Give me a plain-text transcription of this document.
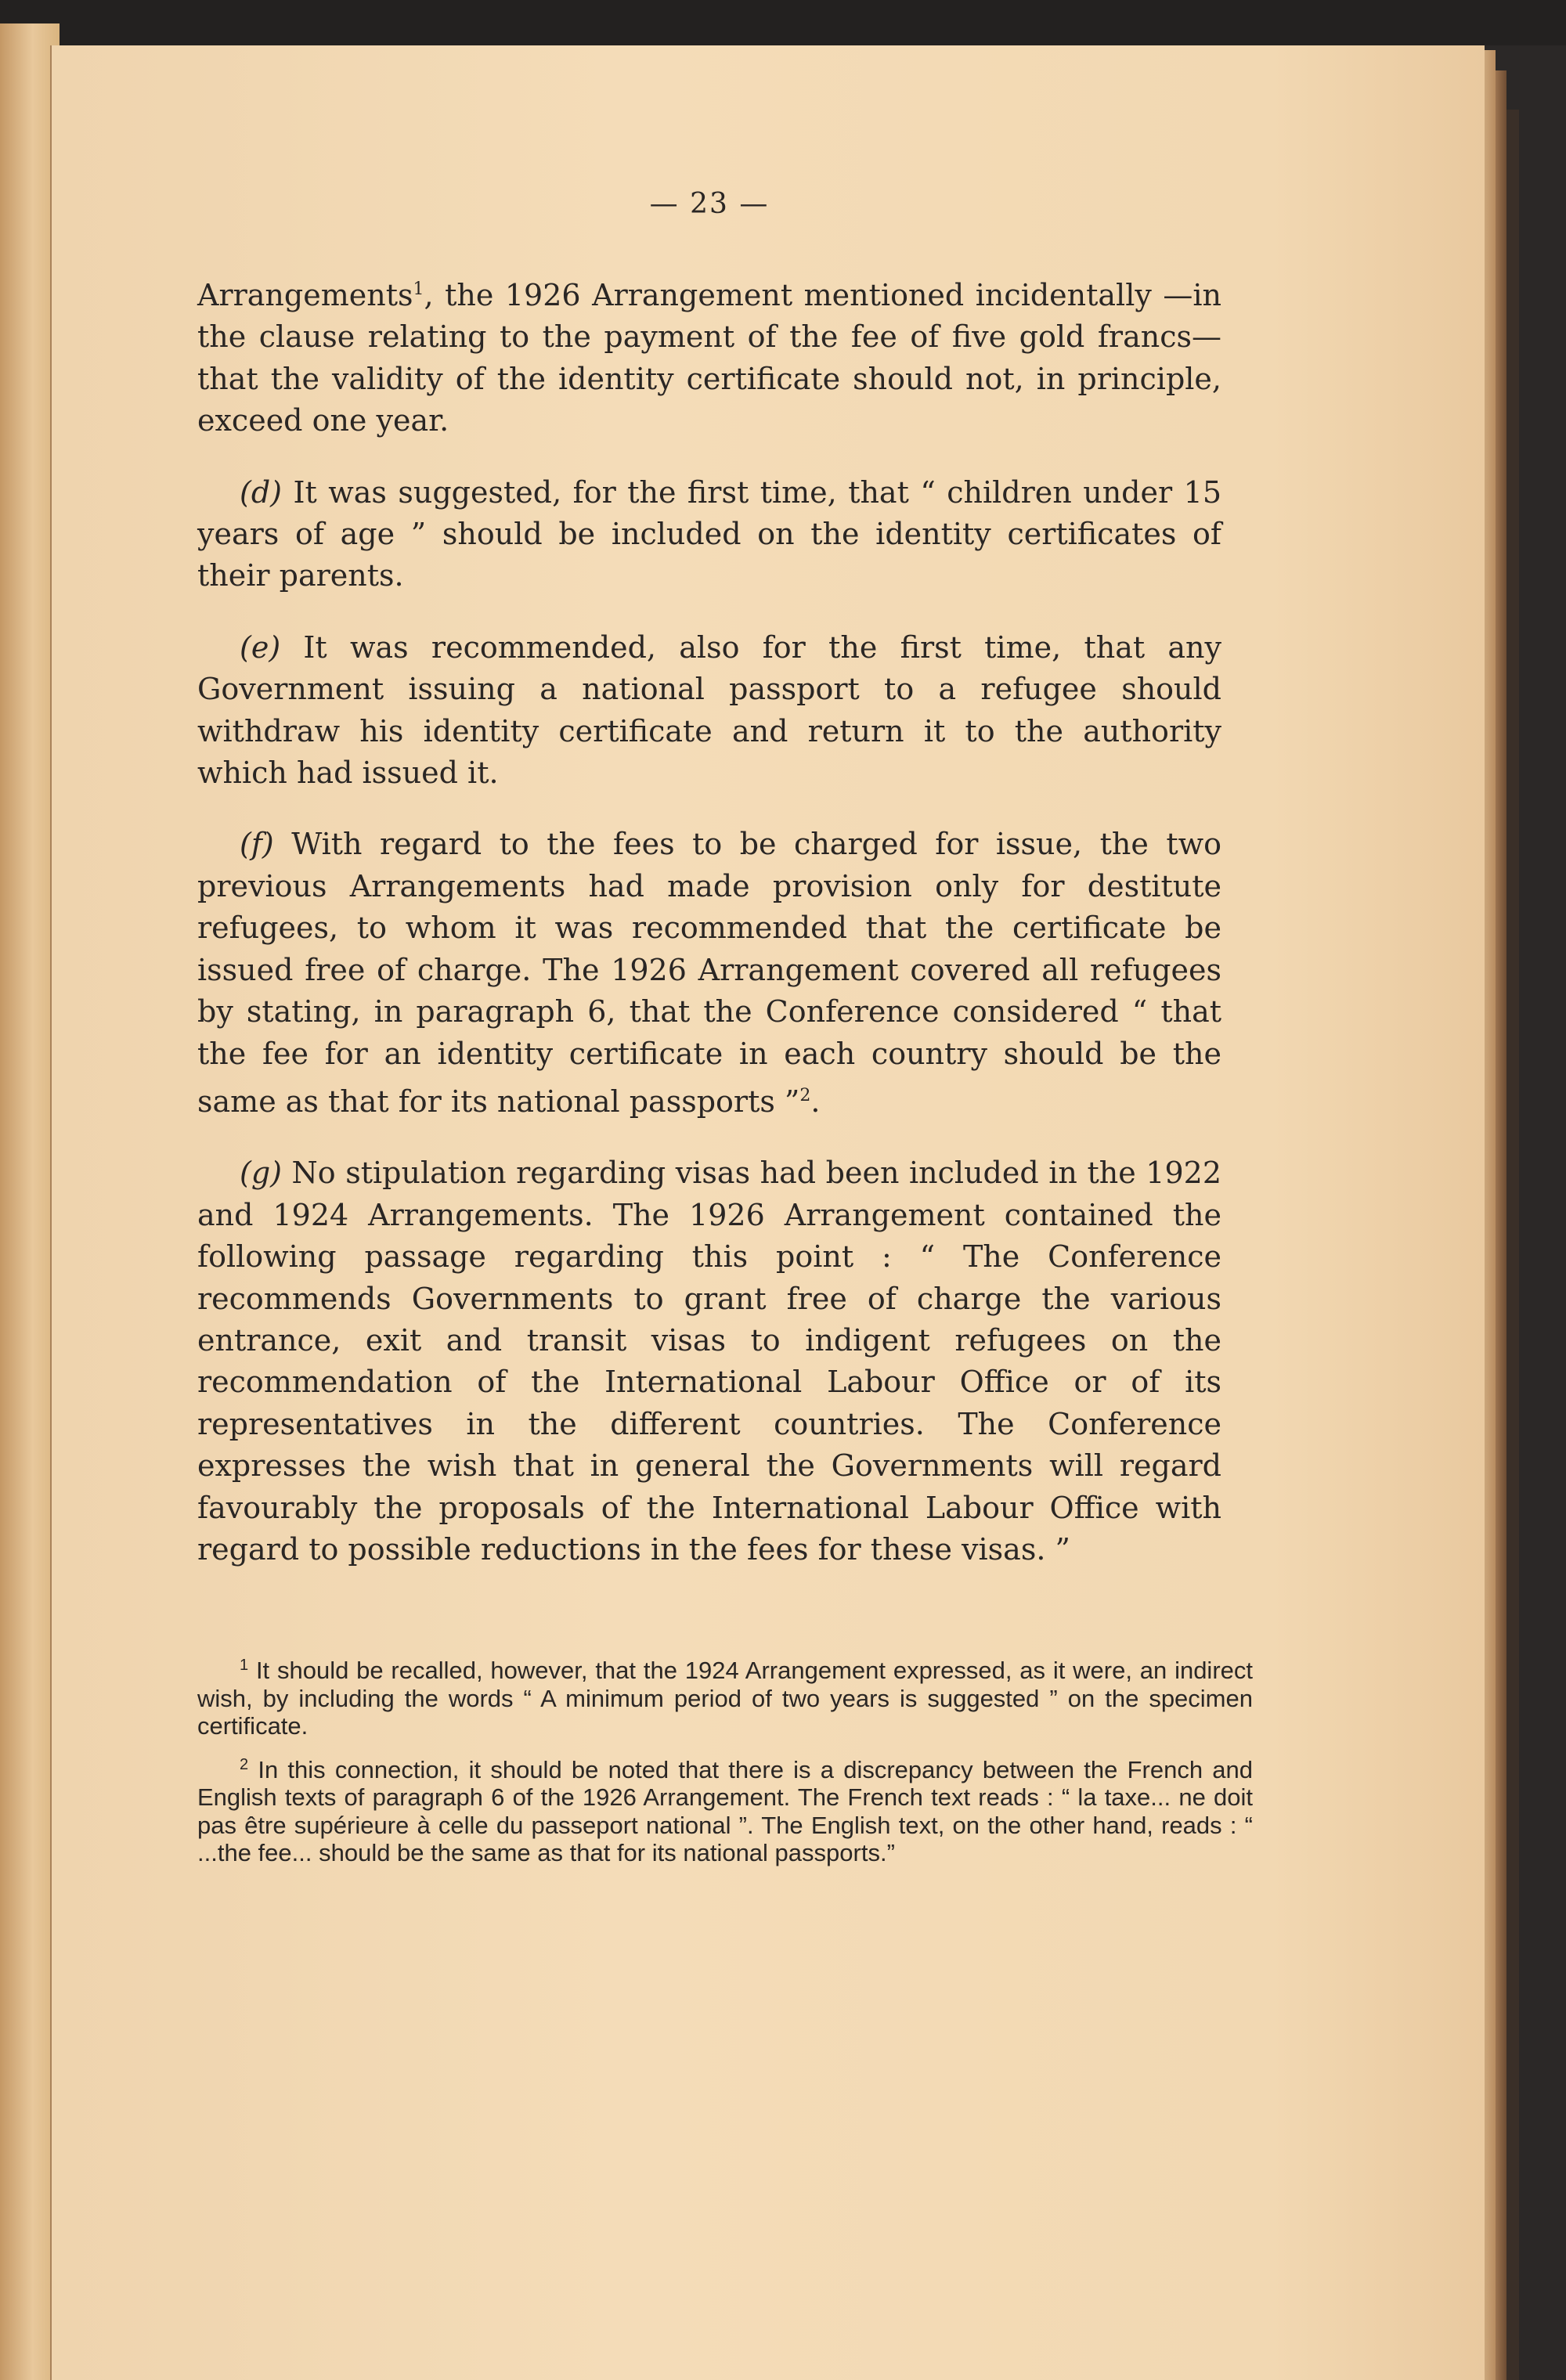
— 23 —

Arrangements$^1$, the 1926 Arrangement mentioned incidentally —in the clause relating to the payment of the fee of five gold francs—that the validity of the identity certificate should not, in principle, exceed one year.

(d) It was suggested, for the first time, that “ children under 15 years of age ” should be included on the identity certificates of their parents.

(e) It was recommended, also for the first time, that any Government issuing a national passport to a refugee should withdraw his identity certificate and return it to the authority which had issued it.

(f) With regard to the fees to be charged for issue, the two previous Arrangements had made provision only for destitute refugees, to whom it was recommended that the certificate be issued free of charge. The 1926 Arrangement covered all refugees by stating, in paragraph 6, that the Conference considered “ that the fee for an identity certificate in each country should be the same as that for its national passports ”$^2$.

(g) No stipulation regarding visas had been included in the 1922 and 1924 Arrangements. The 1926 Arrangement contained the following passage regarding this point : “ The Conference recommends Governments to grant free of charge the various entrance, exit and transit visas to indigent refugees on the recommendation of the International Labour Office or of its representatives in the different countries. The Conference expresses the wish that in general the Governments will regard favourably the proposals of the International Labour Office with regard to possible reductions in the fees for these visas. ”

$^1$ It should be recalled, however, that the 1924 Arrangement expressed, as it were, an indirect wish, by including the words “ A minimum period of two years is suggested ” on the specimen certificate.

$^2$ In this connection, it should be noted that there is a discrepancy between the French and English texts of paragraph 6 of the 1926 Arrangement. The French text reads : “ la taxe... ne doit pas être supérieure à celle du passeport national ”. The English text, on the other hand, reads : “ ...the fee... should be the same as that for its national passports.”
